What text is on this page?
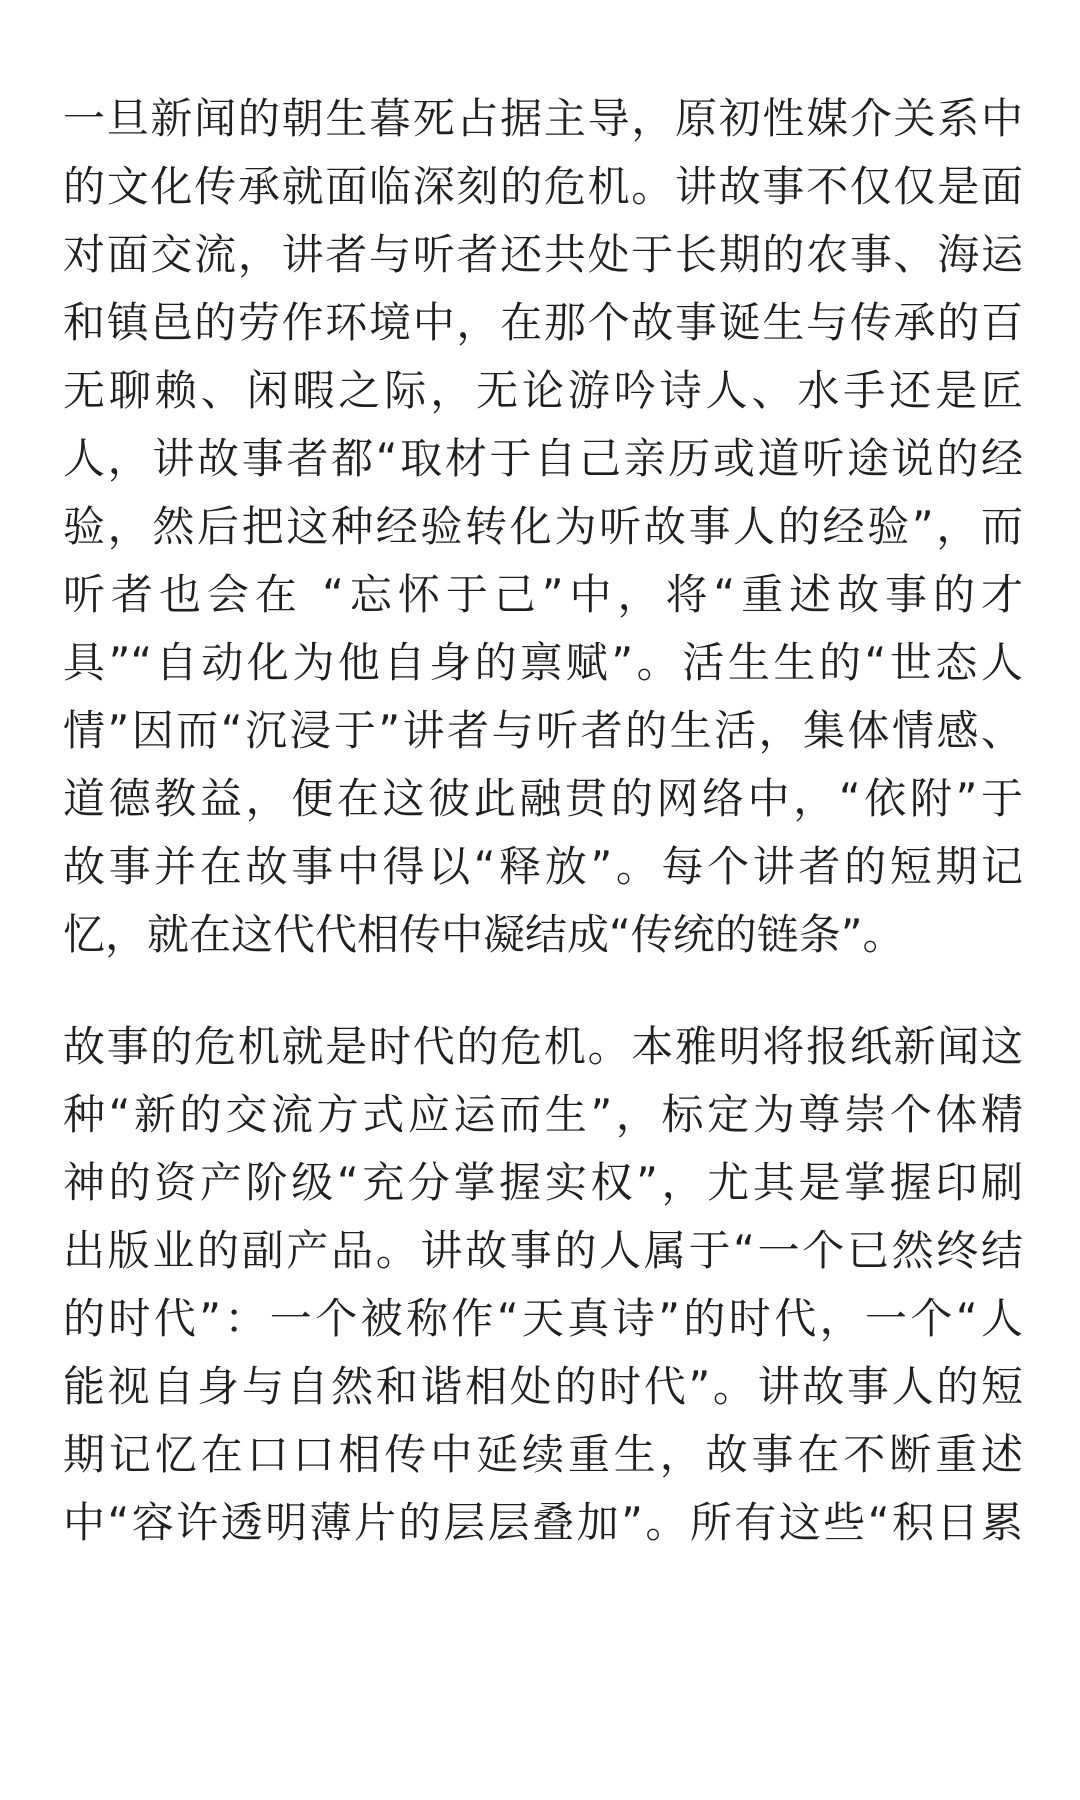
一旦新闻的朝生暮死占据主导，原初性媒介关系中
的文化传承就面临深刻的危机。讲故事不仅仅是面
对面交流，讲者与听者还共处于长期的农事、海运
和镇邑的劳作环境中，在那个故事诞生与传承的百
无聊赖、闲暇之际，无论游吟诗人、水手还是匠
人，讲故事者都“取材于自己亲历或道听途说的经
验，然后把这种经验转化为听故事人的经验”，而
听者也会在 “忘怀于己”中，将“重述故事的才
具”“自动化为他自身的禀赋”。活生生的“世态人
情”因而“沉浸于”讲者与听者的生活，集体情感、
道德教益，便在这彼此融贯的网络中，“依附”于
故事并在故事中得以“释放”。每个讲者的短期记
忆，就在这代代相传中凝结成“传统的链条”。
故事的危机就是时代的危机。本雅明将报纸新闻这
种“新的交流方式应运而生”，标定为尊崇个体精
神的资产阶级“充分掌握实权”，尤其是掌握印刷
出版业的副产品。讲故事的人属于“一个已然终结
的时代”：一个被称作“天真诗”的时代，一个“人
能视自身与自然和谐相处的时代”。讲故事人的短
期记忆在口口相传中延续重生，故事在不断重述
中“容许透明薄片的层层叠加”。所有这些“积日累
